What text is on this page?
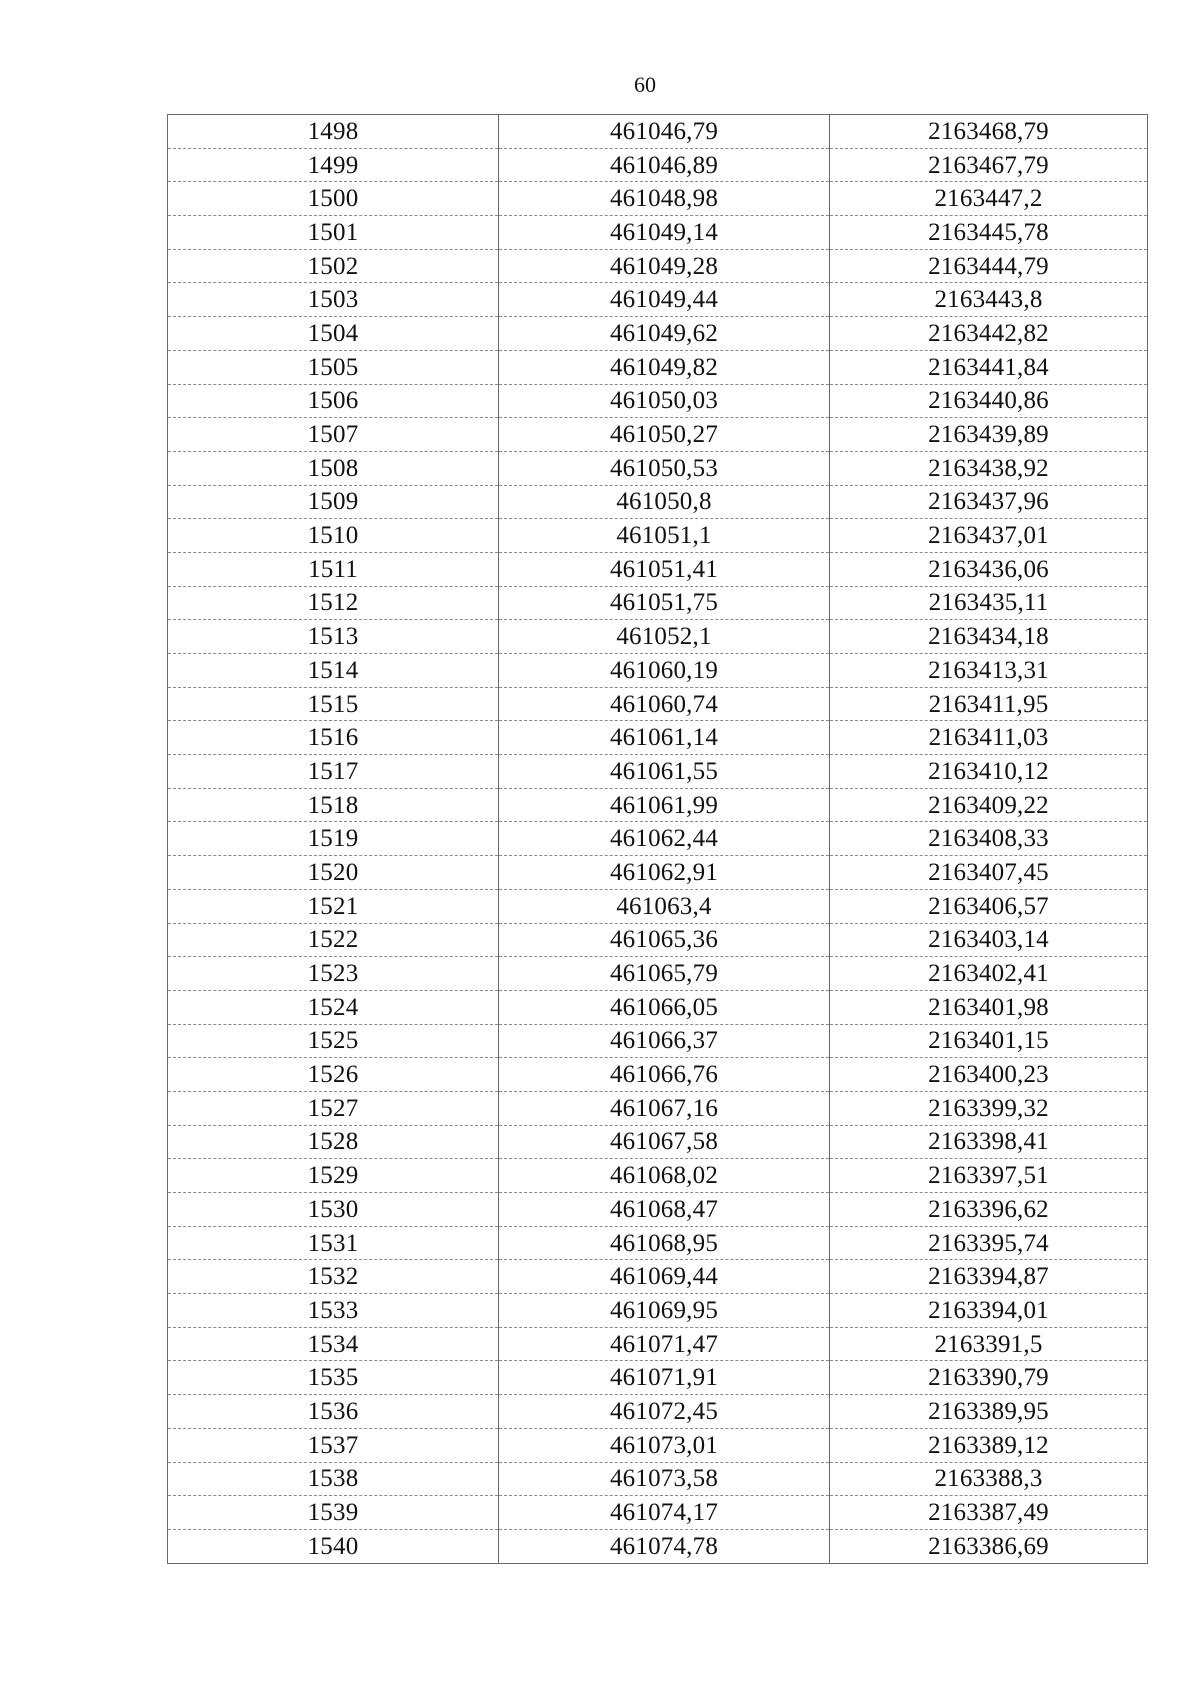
60
1498	461046,79	2163468,79
1499	461046,89	2163467,79
1500	461048,98	2163447,2
1501	461049,14	2163445,78
1502	461049,28	2163444,79
1503	461049,44	2163443,8
1504	461049,62	2163442,82
1505	461049,82	2163441,84
1506	461050,03	2163440,86
1507	461050,27	2163439,89
1508	461050,53	2163438,92
1509	461050,8	2163437,96
1510	461051,1	2163437,01
1511	461051,41	2163436,06
1512	461051,75	2163435,11
1513	461052,1	2163434,18
1514	461060,19	2163413,31
1515	461060,74	2163411,95
1516	461061,14	2163411,03
1517	461061,55	2163410,12
1518	461061,99	2163409,22
1519	461062,44	2163408,33
1520	461062,91	2163407,45
1521	461063,4	2163406,57
1522	461065,36	2163403,14
1523	461065,79	2163402,41
1524	461066,05	2163401,98
1525	461066,37	2163401,15
1526	461066,76	2163400,23
1527	461067,16	2163399,32
1528	461067,58	2163398,41
1529	461068,02	2163397,51
1530	461068,47	2163396,62
1531	461068,95	2163395,74
1532	461069,44	2163394,87
1533	461069,95	2163394,01
1534	461071,47	2163391,5
1535	461071,91	2163390,79
1536	461072,45	2163389,95
1537	461073,01	2163389,12
1538	461073,58	2163388,3
1539	461074,17	2163387,49
1540	461074,78	2163386,69
